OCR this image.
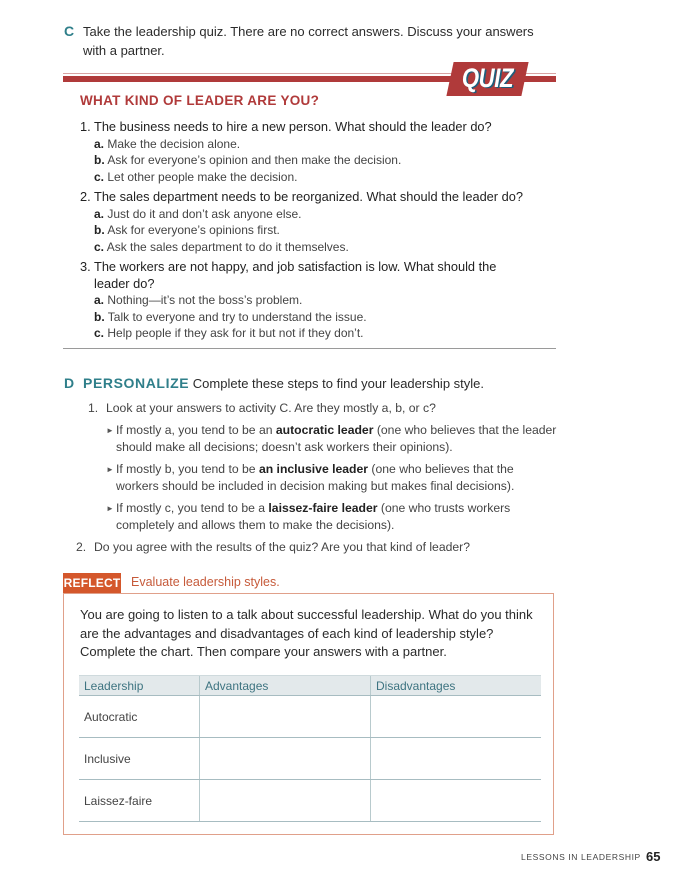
C Take the leadership quiz. There are no correct answers. Discuss your answers
with a partner.
QUIZ
WHAT KIND OF LEADER ARE YOU?
1. The business needs to hire a new person. What should the leader do?
a. Make the decision alone.
b. Ask for everyone’s opinion and then make the decision.
c. Let other people make the decision.
2. The sales department needs to be reorganized. What should the leader do?
a. Just do it and don’t ask anyone else.
b. Ask for everyone’s opinions first.
c. Ask the sales department to do it themselves.
3. The workers are not happy, and job satisfaction is low. What should the
leader do?
a. Nothing—it’s not the boss’s problem.
b. Talk to everyone and try to understand the issue.
c. Help people if they ask for it but not if they don’t.
D PERSONALIZE Complete these steps to find your leadership style.
1. Look at your answers to activity C. Are they mostly a, b, or c?
► If mostly a, you tend to be an autocratic leader (one who believes that the leader should make all decisions; doesn’t ask workers their opinions).
► If mostly b, you tend to be an inclusive leader (one who believes that the workers should be included in decision making but makes final decisions).
► If mostly c, you tend to be a laissez-faire leader (one who trusts workers completely and allows them to make the decisions).
2. Do you agree with the results of the quiz? Are you that kind of leader?
REFLECT Evaluate leadership styles.
You are going to listen to a talk about successful leadership. What do you think are the advantages and disadvantages of each kind of leadership style? Complete the chart. Then compare your answers with a partner.
Leadership	Advantages	Disadvantages
Autocratic		
Inclusive		
Laissez-faire		
LESSONS IN LEADERSHIP 65
